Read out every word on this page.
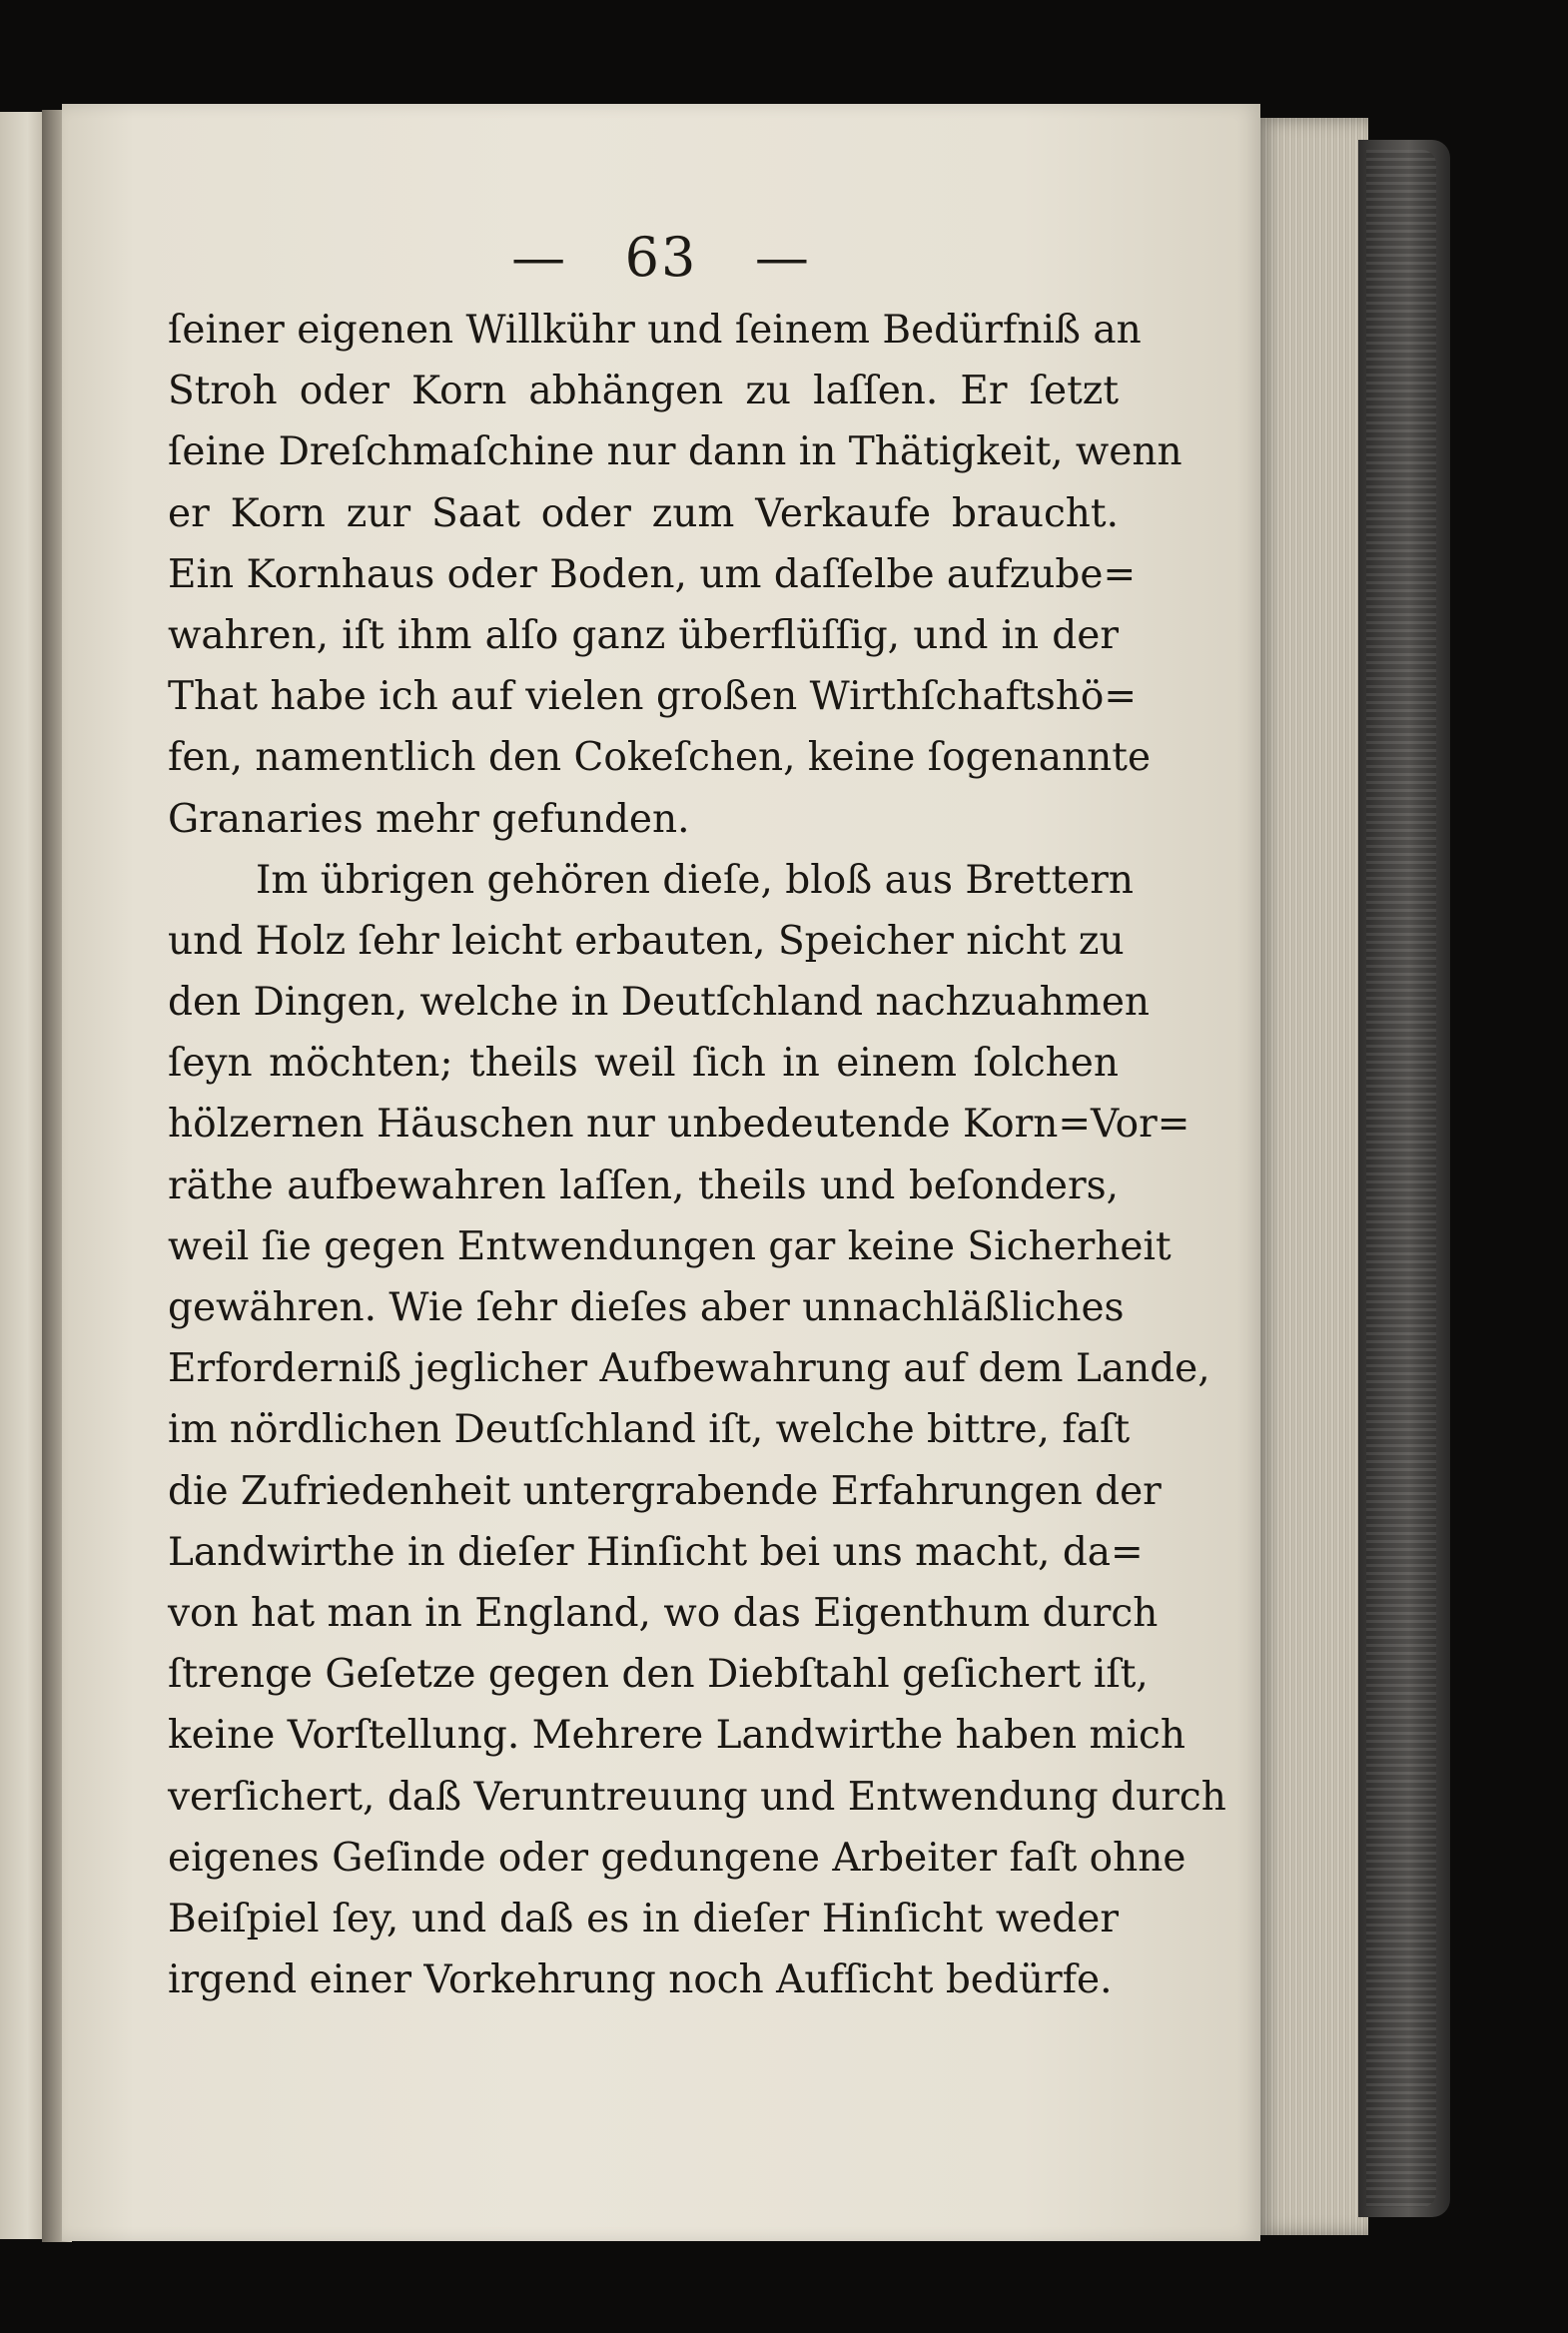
— 63 —
ſeiner eigenen Willkühr und ſeinem Bedürfniß an
Stroh oder Korn abhängen zu laſſen. Er ſetzt
ſeine Dreſchmaſchine nur dann in Thätigkeit, wenn
er Korn zur Saat oder zum Verkaufe braucht.
Ein Kornhaus oder Boden, um daſſelbe aufzube=
wahren, iſt ihm alſo ganz überflüſſig, und in der
That habe ich auf vielen großen Wirthſchaftshö=
fen, namentlich den Cokeſchen, keine ſogenannte
Granaries mehr gefunden.
Im übrigen gehören dieſe, bloß aus Brettern
und Holz ſehr leicht erbauten, Speicher nicht zu
den Dingen, welche in Deutſchland nachzuahmen
ſeyn möchten; theils weil ſich in einem ſolchen
hölzernen Häuschen nur unbedeutende Korn=Vor=
räthe aufbewahren laſſen, theils und beſonders,
weil ſie gegen Entwendungen gar keine Sicherheit
gewähren. Wie ſehr dieſes aber unnachläßliches
Erforderniß jeglicher Aufbewahrung auf dem Lande,
im nördlichen Deutſchland iſt, welche bittre, faſt
die Zufriedenheit untergrabende Erfahrungen der
Landwirthe in dieſer Hinſicht bei uns macht, da=
von hat man in England, wo das Eigenthum durch
ſtrenge Geſetze gegen den Diebſtahl geſichert iſt,
keine Vorſtellung. Mehrere Landwirthe haben mich
verſichert, daß Veruntreuung und Entwendung durch
eigenes Geſinde oder gedungene Arbeiter faſt ohne
Beiſpiel ſey, und daß es in dieſer Hinſicht weder
irgend einer Vorkehrung noch Aufſicht bedürfe.
